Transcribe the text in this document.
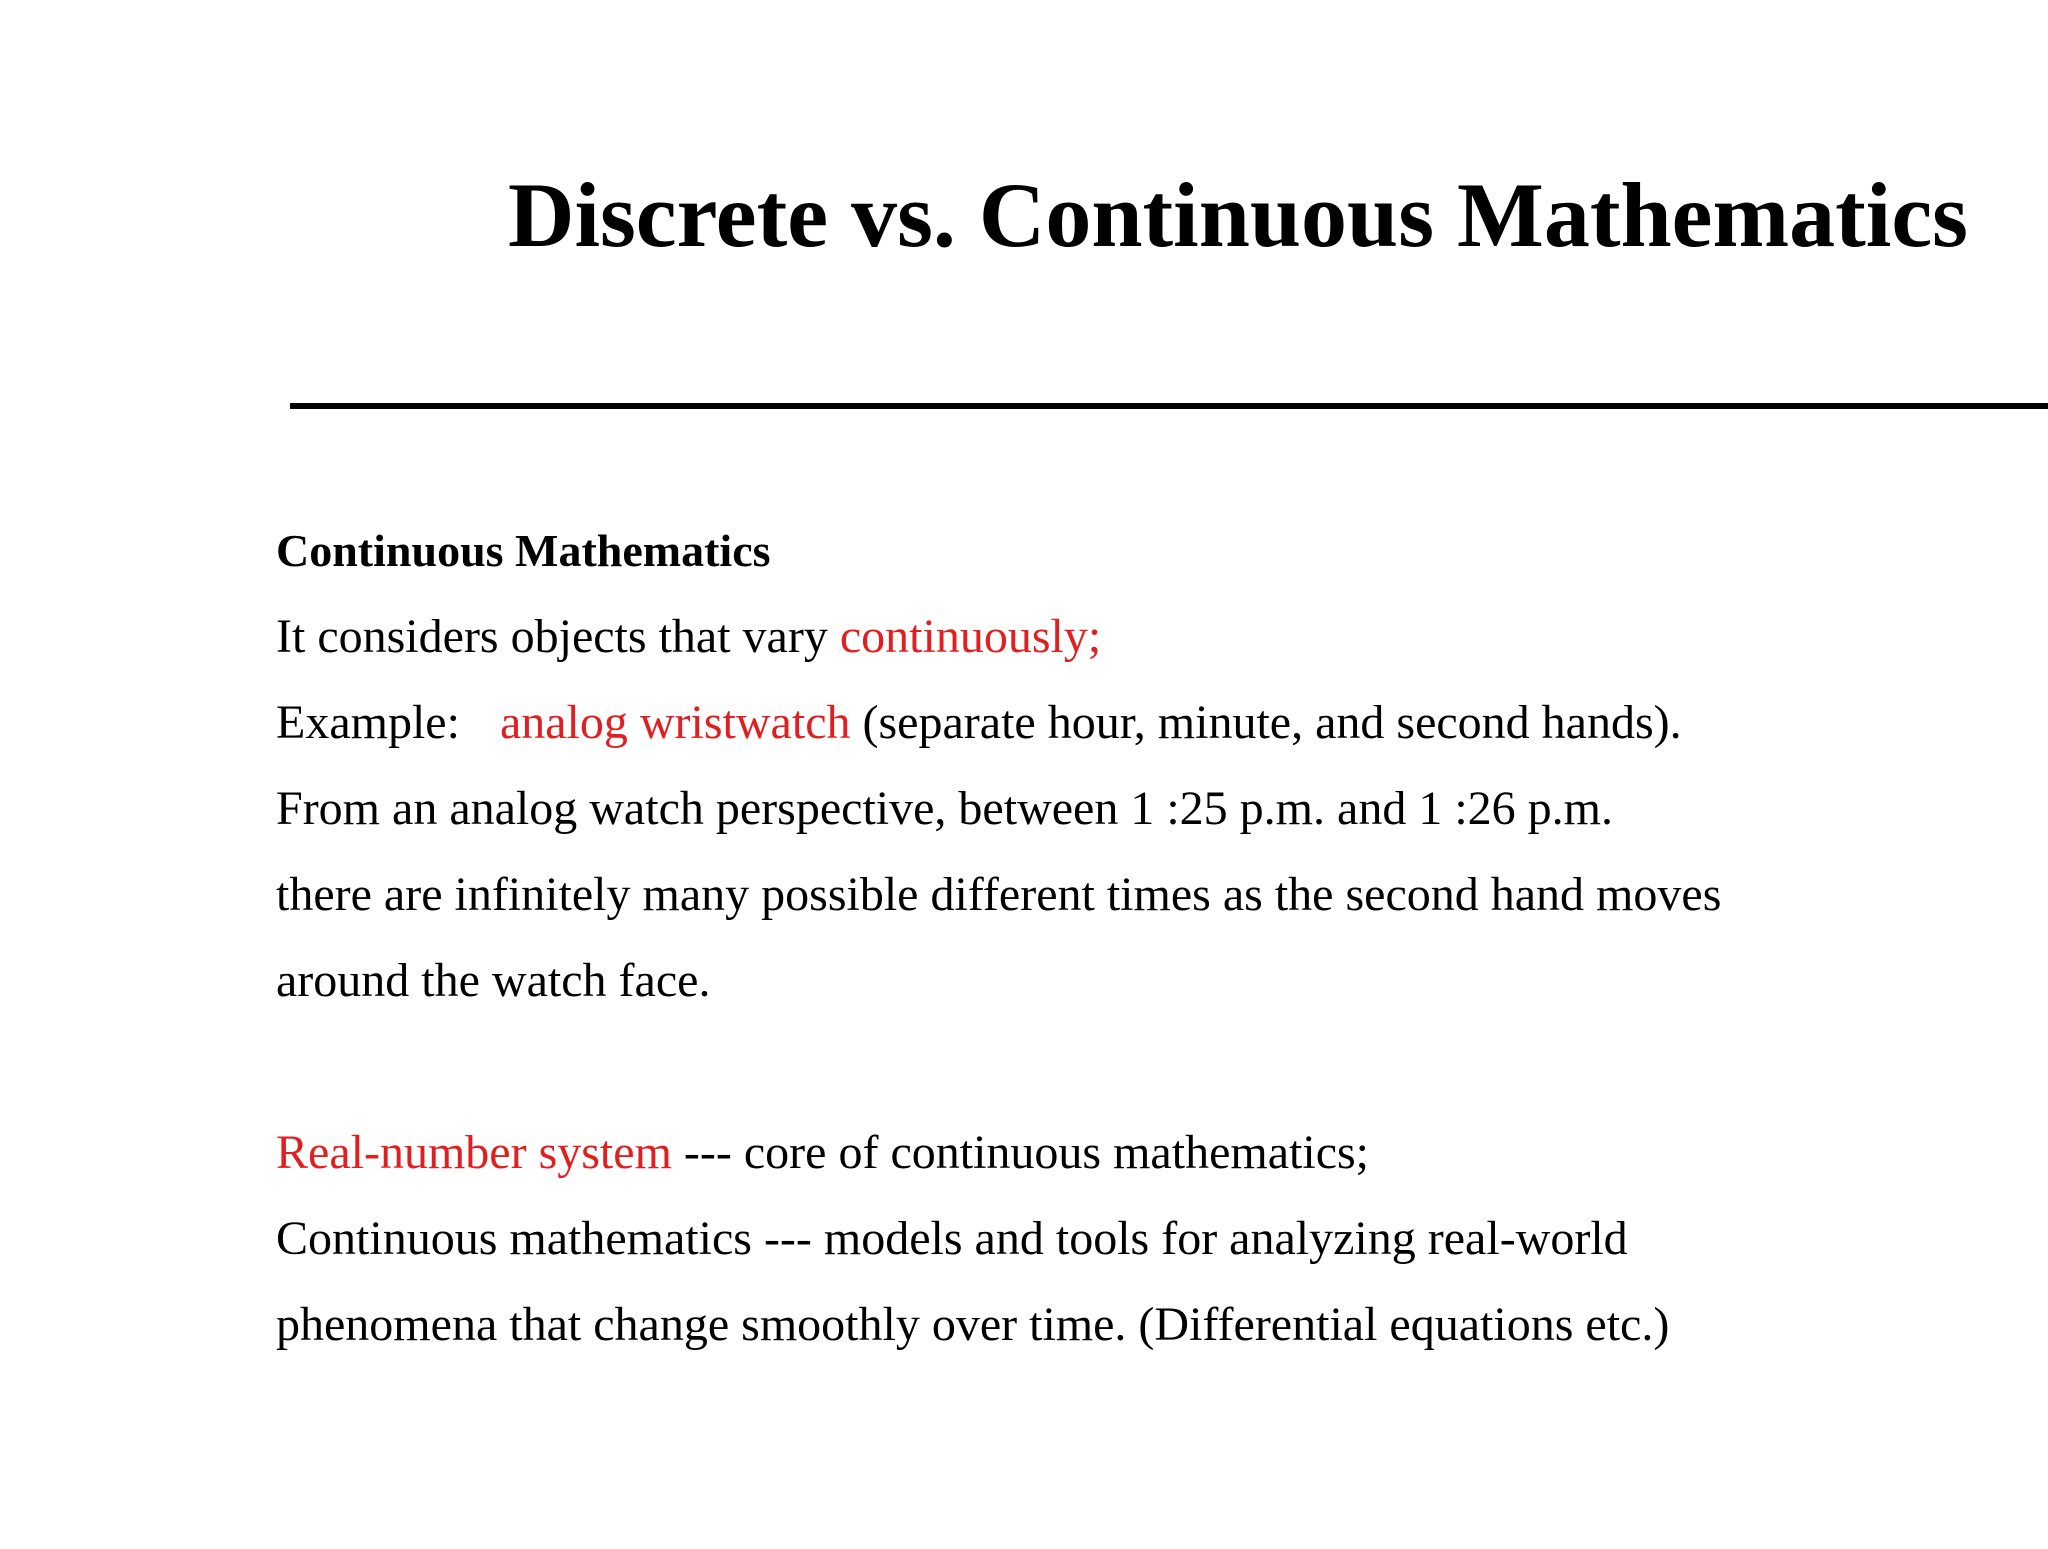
Discrete vs. Continuous Mathematics
Continuous Mathematics
It considers objects that vary continuously;
Example: analog wristwatch (separate hour, minute, and second hands).
From an analog watch perspective, between 1 :25 p.m. and 1 :26 p.m.
there are infinitely many possible different times as the second hand moves
around the watch face.
Real-number system --- core of continuous mathematics;
Continuous mathematics --- models and tools for analyzing real-world
phenomena that change smoothly over time. (Differential equations etc.)
